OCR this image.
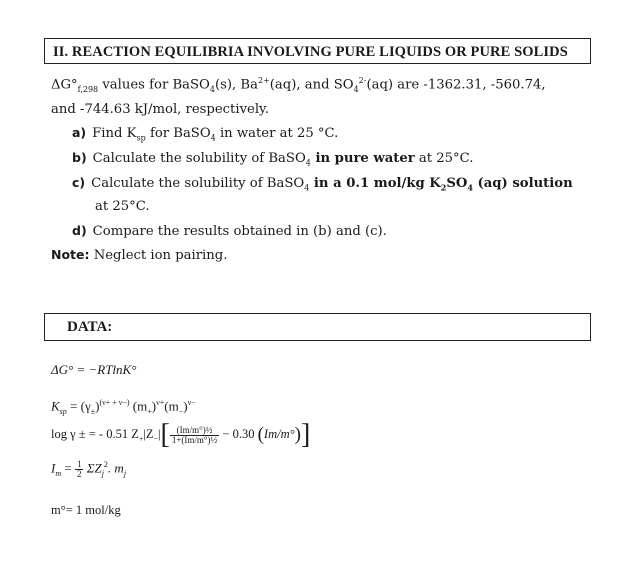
II. REACTION EQUILIBRIA INVOLVING PURE LIQUIDS OR PURE SOLIDS
$\Delta G^\circ_{f,298}$ values for BaSO$_4$(s), $Ba^{2+}(aq)$, and $SO_4^{2-}(aq)$ are -1362.31, -560.74,
and -744.63 kJ/mol, respectively.
a) Find $K_{sp}$ for BaSO$_4$ in water at 25 °C.
b) Calculate the solubility of BaSO$_4$ in pure water at 25°C.
c) Calculate the solubility of BaSO$_4$ in a 0.1 mol/kg $K_2SO_4$ (aq) solution
at 25°C.
d) Compare the results obtained in (b) and (c).
Note: Neglect ion pairing.
DATA:
ΔG° = −RTlnK°
$K_{sp} = (\gamma_\pm)^{(\nu+ + \nu-)}$ $(m_+)^{\nu+}(m_-)^{\nu-}$
log γ ± = - 0.51 $Z_+|Z_-|[ \frac{\text{(Im/m°)½}}{\text{1+(Im/m°)½}} - 0.30$ (Im/m°)]
$I_m = \frac{1}{2} \Sigma Z_j^2$. $m_j$
m°= 1 mol/kg
